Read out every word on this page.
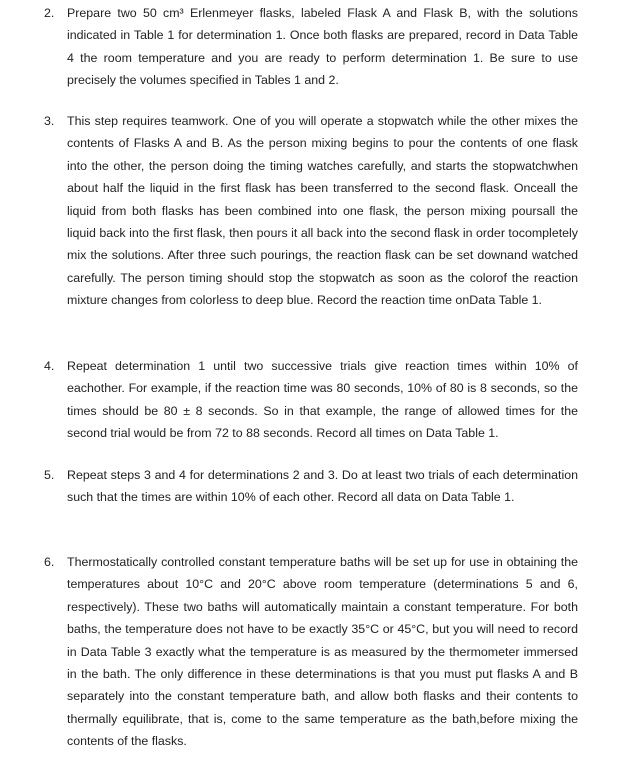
2.	Prepare two 50 cm³ Erlenmeyer flasks, labeled Flask A and Flask B, with the solutions indicated in Table 1 for determination 1. Once both flasks are prepared, record in Data Table 4 the room temperature and you are ready to perform determination 1. Be sure to use precisely the volumes specified in Tables 1 and 2.
3.	This step requires teamwork. One of you will operate a stopwatch while the other mixes the contents of Flasks A and B. As the person mixing begins to pour the contents of one flask into the other, the person doing the timing watches carefully, and starts the stopwatchwhen about half the liquid in the first flask has been transferred to the second flask. Onceall the liquid from both flasks has been combined into one flask, the person mixing poursall the liquid back into the first flask, then pours it all back into the second flask in order tocompletely mix the solutions. After three such pourings, the reaction flask can be set downand watched carefully. The person timing should stop the stopwatch as soon as the colorof the reaction mixture changes from colorless to deep blue. Record the reaction time onData Table 1.
4.	Repeat determination 1 until two successive trials give reaction times within 10% of eachother. For example, if the reaction time was 80 seconds, 10% of 80 is 8 seconds, so the times should be 80 ± 8 seconds. So in that example, the range of allowed times for the second trial would be from 72 to 88 seconds. Record all times on Data Table 1.
5.	Repeat steps 3 and 4 for determinations 2 and 3. Do at least two trials of each determination such that the times are within 10% of each other. Record all data on Data Table 1.
6.	Thermostatically controlled constant temperature baths will be set up for use in obtaining the temperatures about 10°C and 20°C above room temperature (determinations 5 and 6, respectively). These two baths will automatically maintain a constant temperature. For both baths, the temperature does not have to be exactly 35°C or 45°C, but you will need to record in Data Table 3 exactly what the temperature is as measured by the thermometer immersed in the bath. The only difference in these determinations is that you must put flasks A and B separately into the constant temperature bath, and allow both flasks and their contents to thermally equilibrate, that is, come to the same temperature as the bath,before mixing the contents of the flasks.
